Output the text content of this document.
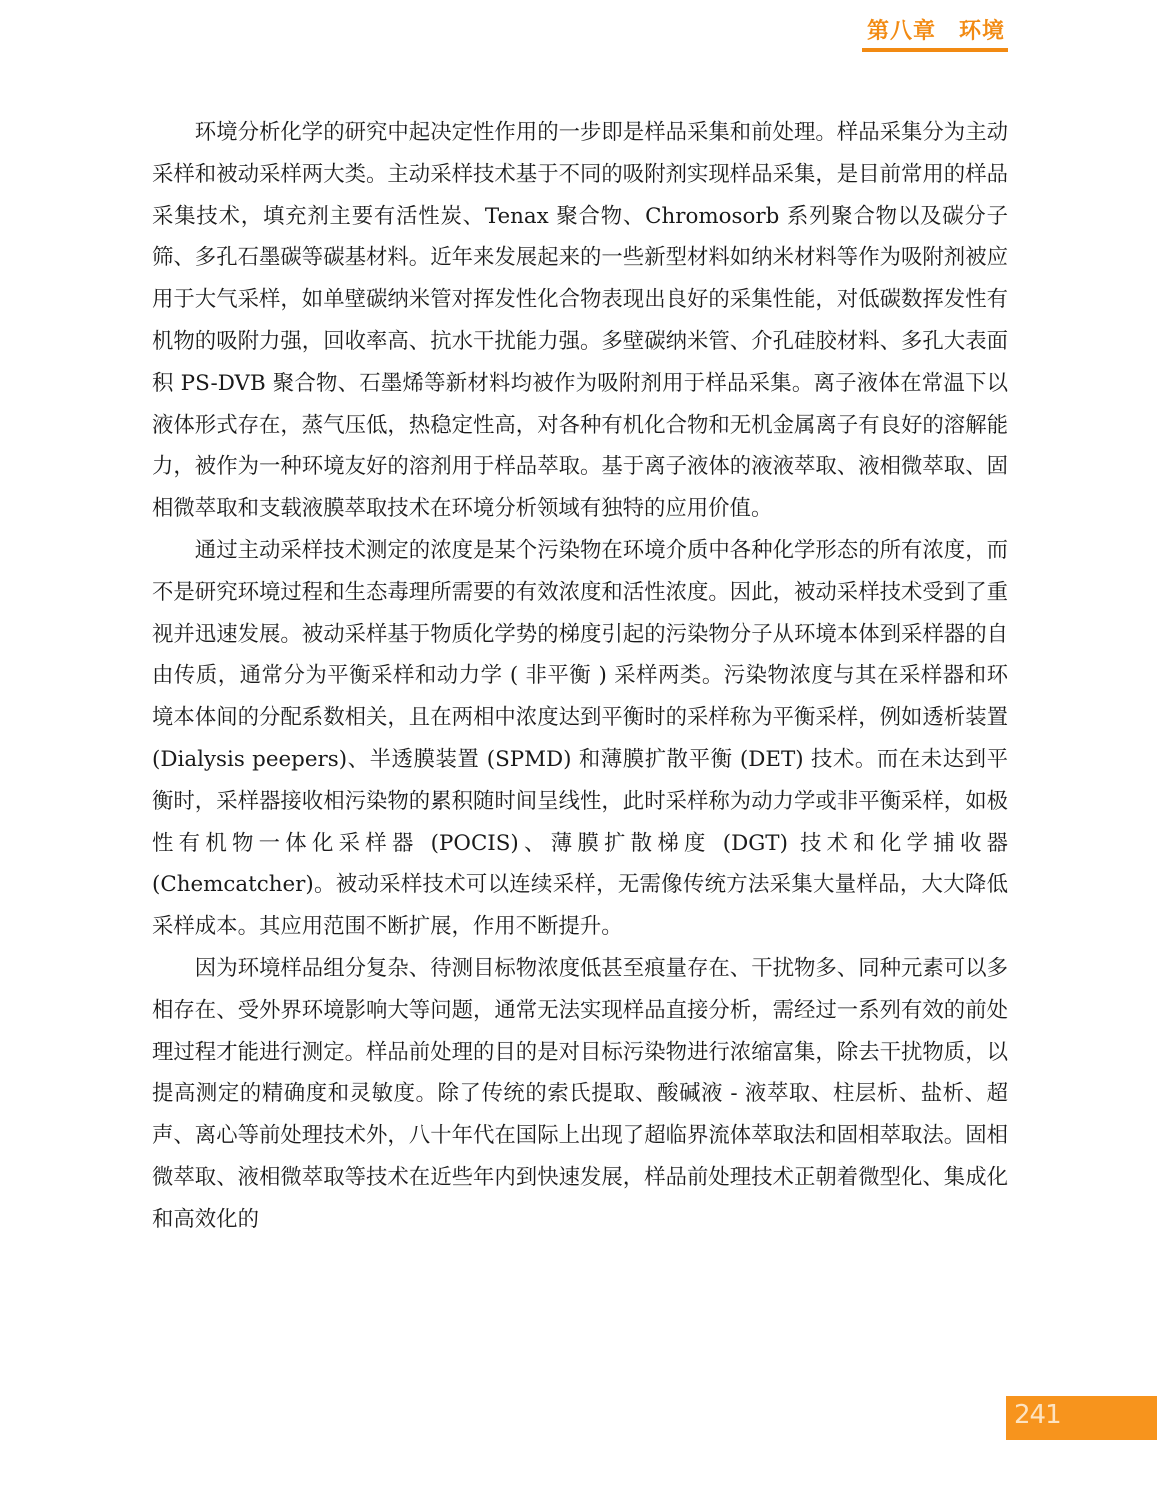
第八章　环境

环境分析化学的研究中起决定性作用的一步即是样品采集和前处理。样品采集分为主动采样和被动采样两大类。主动采样技术基于不同的吸附剂实现样品采集，是目前常用的样品采集技术，填充剂主要有活性炭、Tenax 聚合物、Chromosorb 系列聚合物以及碳分子筛、多孔石墨碳等碳基材料。近年来发展起来的一些新型材料如纳米材料等作为吸附剂被应用于大气采样，如单壁碳纳米管对挥发性化合物表现出良好的采集性能，对低碳数挥发性有机物的吸附力强，回收率高、抗水干扰能力强。多壁碳纳米管、介孔硅胶材料、多孔大表面积 PS-DVB 聚合物、石墨烯等新材料均被作为吸附剂用于样品采集。离子液体在常温下以液体形式存在，蒸气压低，热稳定性高，对各种有机化合物和无机金属离子有良好的溶解能力，被作为一种环境友好的溶剂用于样品萃取。基于离子液体的液液萃取、液相微萃取、固相微萃取和支载液膜萃取技术在环境分析领域有独特的应用价值。

通过主动采样技术测定的浓度是某个污染物在环境介质中各种化学形态的所有浓度，而不是研究环境过程和生态毒理所需要的有效浓度和活性浓度。因此，被动采样技术受到了重视并迅速发展。被动采样基于物质化学势的梯度引起的污染物分子从环境本体到采样器的自由传质，通常分为平衡采样和动力学 ( 非平衡 ) 采样两类。污染物浓度与其在采样器和环境本体间的分配系数相关，且在两相中浓度达到平衡时的采样称为平衡采样，例如透析装置 (Dialysis peepers)、半透膜装置 (SPMD) 和薄膜扩散平衡 (DET) 技术。而在未达到平衡时，采样器接收相污染物的累积随时间呈线性，此时采样称为动力学或非平衡采样，如极性有机物一体化采样器 (POCIS)、薄膜扩散梯度 (DGT) 技术和化学捕收器 (Chemcatcher)。被动采样技术可以连续采样，无需像传统方法采集大量样品，大大降低采样成本。其应用范围不断扩展，作用不断提升。

因为环境样品组分复杂、待测目标物浓度低甚至痕量存在、干扰物多、同种元素可以多相存在、受外界环境影响大等问题，通常无法实现样品直接分析，需经过一系列有效的前处理过程才能进行测定。样品前处理的目的是对目标污染物进行浓缩富集，除去干扰物质，以提高测定的精确度和灵敏度。除了传统的索氏提取、酸碱液 - 液萃取、柱层析、盐析、超声、离心等前处理技术外，八十年代在国际上出现了超临界流体萃取法和固相萃取法。固相微萃取、液相微萃取等技术在近些年内到快速发展，样品前处理技术正朝着微型化、集成化和高效化的

241
